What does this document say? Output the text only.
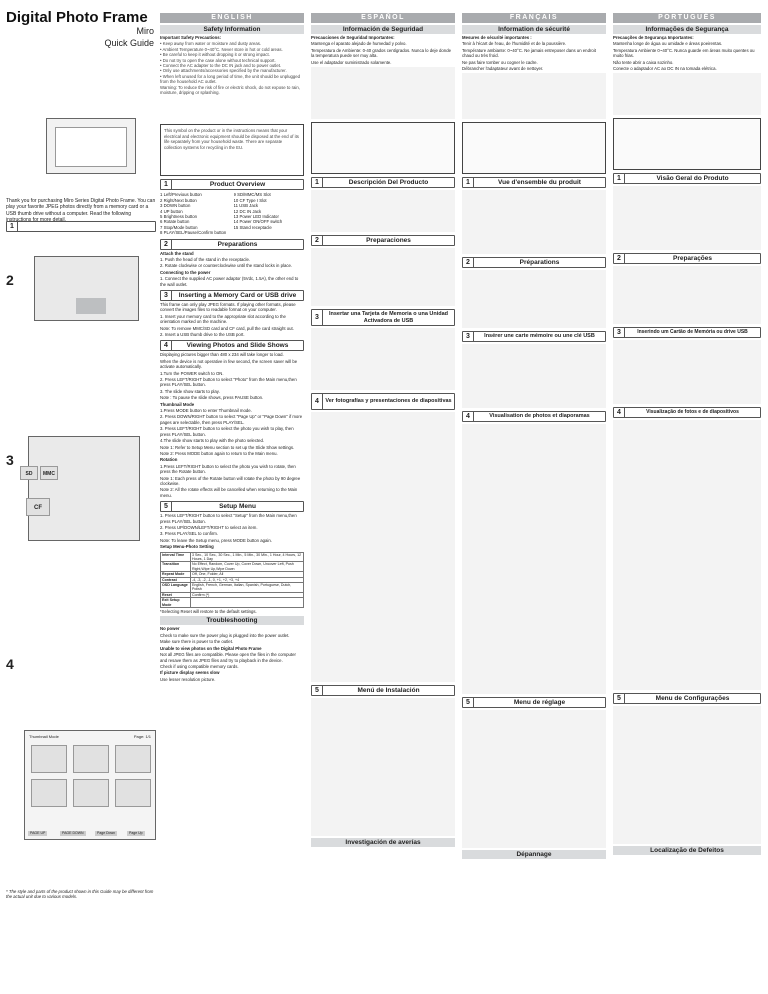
Digital Photo Frame
Miro
Quick Guide
Thank you for purchasing Miro Series Digital Photo Frame. You can play your favorite JPEG photos directly from a memory card or a USB thumb drive without a computer. Read the following instructions for more detail.
1
2
3
SD	MMC
CF
4
Thumbnail Mode	Page: 1/1
PAGE UP	PAGE DOWN	Page Down	Page Up
* The style and parts of the product shown in this Guide may be different from the actual unit due to various models.
ENGLISH
Safety Information
Important Safety Precautions:
• Keep away from water or moisture and dusty areas.
• Ambient Temperature 0~40°C. Never store in hot or cold areas.
• Be careful to keep it without dropping it or strong impact.
• Do not try to open the case alone without technical support.
• Connect the AC adapter to the DC IN jack and to power outlet.
• Only use attachments/accessories specified by the manufacturer.
• When left unused for a long period of time, the unit should be unplugged from the household AC outlet.
Warning: To reduce the risk of fire or electric shock, do not expose to rain, moisture, dripping or splashing.
This symbol on the product or in the instructions means that your electrical and electronic equipment should be disposed at the end of its life separately from your household waste. There are separate collection systems for recycling in the EU.
1	Product Overview
1 Left/Previous button
2 Right/Next button
3 DOWN button
4 UP button
5 Brightness button
6 Rotate button
7 Stop/Mode button
8 PLAY/SEL/Pause/Confirm button
9 SD/MMC/MS Slot
10 CF Type I Slot
11 USB Jack
12 DC IN Jack
13 Power LED Indicator
14 Power ON/OFF switch
15 Stand receptacle
2	Preparations
Attach the stand
1. Push the head of the stand in the receptacle.
2. Rotate clockwise or counterclockwise until the stand locks in place.
Connecting to the power
1. Connect the supplied AC power adaptor (5Vdc, 1.5A), the other end to the wall outlet.
3	Inserting a Memory Card or USB drive
This frame can only play JPEG formats. If playing other formats, please convert the images files to readable format on your computer.
1. Insert your memory card to the appropriate slot according to the orientation marked on the machine.
Note: To remove MMC/SD card and CF card, pull the card straight out.
2. Insert a USB thumb drive to the USB port.
4	Viewing Photos and Slide Shows
Displaying pictures bigger than 480 x 234 will take longer to load.
When the device is not operative in few second, the screen saver will be activate automatically.
1.Turn the POWER switch to ON.
2. Press LEFT/RIGHT button to select "Photo" from the Main menu,then press PLAY/SEL button.
3. The slide show starts to play.
Note : To pause the slide shows, press PAUSE button.
Thumbnail Mode
1.Press MODE button to enter Thumbnail mode.
2. Press DOWN/RIGHT button to select "Page Up" or "Page Down" if more pages are selectable, then press PLAY/SEL.
3. Press LEFT/RIGHT button to select the photo you wish to play, then press PLAY/SEL button.
4.The slide show starts to play with the photo selected.
Note 1: Refer to Setup Menu section to set up the Slide Show settings.
Note 2: Press MODE button again to return to the Main menu.
Rotation
1.Press LEFT/RIGHT button to select the photo you wish to rotate, then press the Rotate button.
Note 1: Each press of the Rotate button will rotate the photo by 90 degree clockwise.
Note 2: All the rotate effects will be cancelled when returning to the Main menu.
5	Setup Menu
1. Press LEFT/RIGHT button to select "Setup" from the Main menu,then press PLAY/SEL button.
2. Press UP/DOWN/LEFT/RIGHT to select an item.
3. Press PLAY/SEL to confirm.
Note: To leave the Setup menu, press MODE button again.
Setup Menu-Photo Setting
Interval Time	3 Sec., 10 Sec., 30 Sec., 1 Min., 5 Min., 30 Min., 1 Hour, 4 Hours, 12 Hours, 1 Day
Transition	No Effect, Random, Cover Up, Cover Down, Uncover Left, Push Right,Wipe Up,Wipe Down
Repeat Mode	Off, One, Folder, All
Contrast	-4, -3, -2, -1, 0, +1, +2, +3, +4
OSD Language	English, French, German, Italian, Spanish, Portuguese, Dutch, Polish
Reset	Confirm (*)
Exit Setup Mode	
*Selecting Reset will restore to the default settings.
Troubleshooting
No power
Check to make sure the power plug is plugged into the power outlet.
Make sure there is power to the outlet.
Unable to view photos on the Digital Photo Frame
Not all JPEG files are compatible. Please open the files in the computer and resave them as JPEG files and try to playback in the device.
Check if using compatible memory cards.
If picture display seems slow
Use lesser resolution picture.
ESPAÑOL
Información de Seguridad
Precauciones de Seguridad Importantes:
Mantenga el aparato alejado de humedad y polvo.
Temperatura de Ambiente: 0-40 grados centígrados. Nunca lo deje donde la temperatura puede ser muy alta.
Use el adaptador suministrado solamente.
1	Descripción Del Producto
2	Preparaciones
3
Insertar una Tarjeta de Memoria o una Unidad Activadora de USB
4	Ver fotografías y presentaciones de diapositivas
5	Menú de Instalación
Investigación de averías
FRANÇAIS
Information de sécurité
Mesures de sécurité importantes :
Tenir à l'écart de l'eau, de l'humidité et de la poussière.
Température ambiante: 0~40°C. Ne jamais entreposer dans un endroit chaud ou très froid.
Ne pas faire tomber ou cogner le cadre.
Débrancher l'adaptateur avant de nettoyer.
1	Vue d'ensemble du produit
2	Préparations
3	Insérer une carte mémoire ou une clé USB
4	Visualisation de photos et diaporamas
5	Menu de réglage
Dépannage
PORTUGUÊS
Informações de Segurança
Precauções de Segurança Importantes:
Mantenha longe de água ou umidade e áreas poeirentas.
Temperatura Ambiente 0~40°C. Nunca guarde em áreas muito quentes ou muito frias.
Não tente abrir a caixa sozinho.
Conecte o adaptador AC ao DC IN na tomada elétrica.
1	Visão Geral do Produto
2	Preparações
3	Inserindo um Cartão de Memória ou drive USB
4	Visualização de fotos e de diapositivos
5	Menu de Configurações
Localização de Defeitos
